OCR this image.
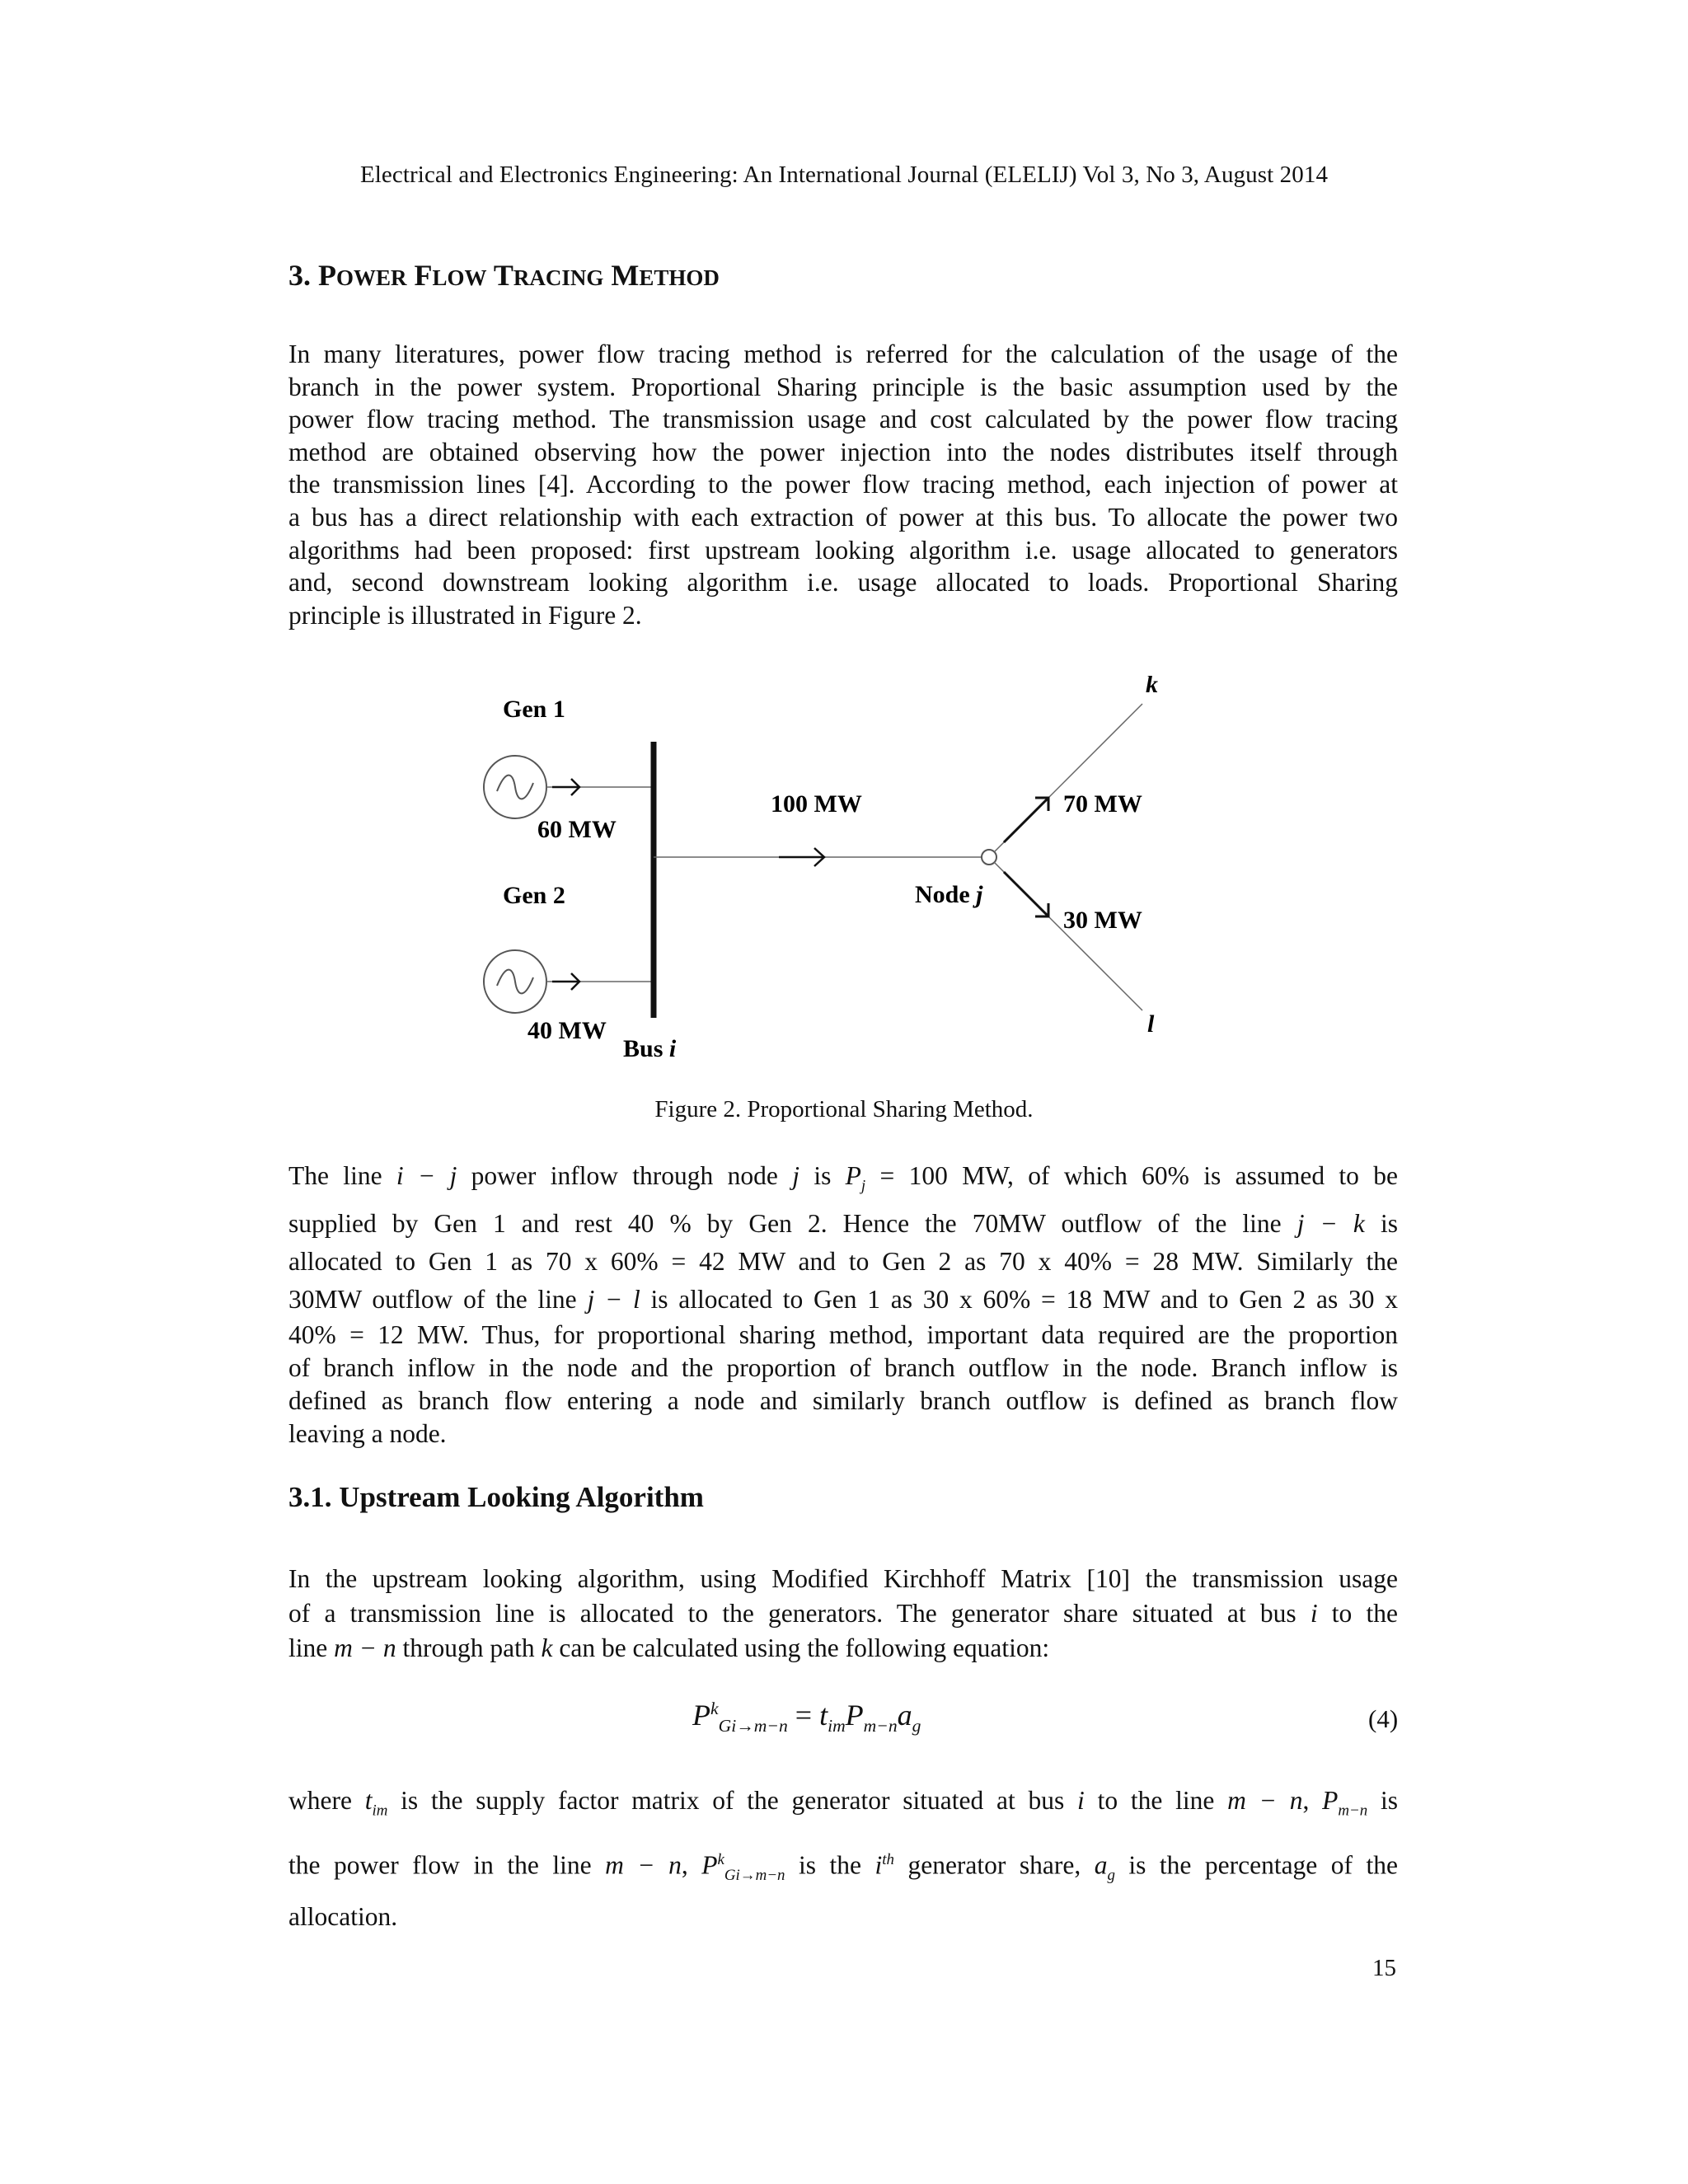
Electrical and Electronics Engineering: An International Journal (ELELIJ) Vol 3, No 3, August 2014
3. POWER FLOW TRACING METHOD
In many literatures, power flow tracing method is referred for the calculation of the usage of the
branch in the power system. Proportional Sharing principle is the basic assumption used by the
power flow tracing method. The transmission usage and cost calculated by the power flow tracing
method are obtained observing how the power injection into the nodes distributes itself through
the transmission lines [4]. According to the power flow tracing method, each injection of power at
a bus has a direct relationship with each extraction of power at this bus. To allocate the power two
algorithms had been proposed: first upstream looking algorithm i.e. usage allocated to generators
and, second downstream looking algorithm i.e. usage allocated to loads. Proportional Sharing
principle is illustrated in Figure 2.
Gen 1
60 MW
Gen 2
40 MW
Bus i
100 MW
Node j
k
70 MW
30 MW
l
Figure 2. Proportional Sharing Method.
The line i − j power inflow through node j is $P_j = 100$ MW, of which 60% is assumed to be
supplied by Gen 1 and rest 40 % by Gen 2. Hence the 70MW outflow of the line j − k is
allocated to Gen 1 as 70 x 60% = 42 MW and to Gen 2 as 70 x 40% = 28 MW. Similarly the
30MW outflow of the line j − l is allocated to Gen 1 as 30 x 60% = 18 MW and to Gen 2 as 30 x
40% = 12 MW. Thus, for proportional sharing method, important data required are the proportion
of branch inflow in the node and the proportion of branch outflow in the node. Branch inflow is
defined as branch flow entering a node and similarly branch outflow is defined as branch flow
leaving a node.
3.1. Upstream Looking Algorithm
In the upstream looking algorithm, using Modified Kirchhoff Matrix [10] the transmission usage
of a transmission line is allocated to the generators. The generator share situated at bus i to the
line m − n through path k can be calculated using the following equation:
$P^k_{Gi\to m-n} = t_{im}P_{m-n}a_g$	(4)
where $t_{im}$ is the supply factor matrix of the generator situated at bus i to the line m − n, $P_{m-n}$ is
the power flow in the line m − n, $P^k_{Gi\to m-n}$ is the $i^{th}$ generator share, $a_g$ is the percentage of the
allocation.
15
